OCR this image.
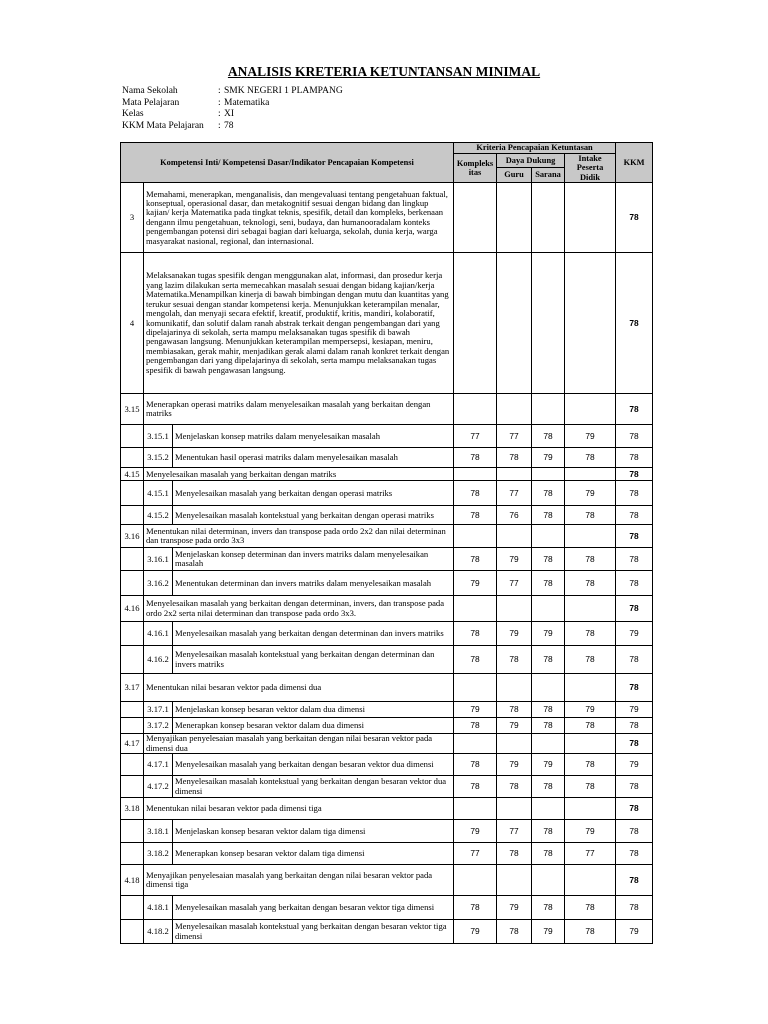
ANALISIS KRETERIA KETUNTANSAN MINIMAL
Nama Sekolah	: SMK NEGERI 1 PLAMPANG
Mata Pelajaran	: Matematika
Kelas	: XI
KKM Mata Pelajaran	: 78
Kompetensi Inti/ Kompetensi Dasar/Indikator Pencapaian Kompetensi			Kriteria Pencapaian Ketuntasan				KKM
			Kompleks itas	Daya Dukung		Intake Peserta Didik	
				Guru	Sarana		
3	Memahami, menerapkan, menganalisis, dan mengevaluasi tentang pengetahuan faktual, konseptual, operasional dasar, dan metakognitif sesuai dengan bidang dan lingkup kajian/ kerja Matematika pada tingkat teknis, spesifik, detail dan kompleks, berkenaan dengann ilmu pengetahuan, teknologi, seni, budaya, dan humanooradalam konteks pengembangan potensi diri sebagai bagian dari keluarga, sekolah, dunia kerja, warga masyarakat nasional, regional, dan internasional.						78
4	Melaksanakan tugas spesifik dengan menggunakan alat, informasi, dan prosedur kerja yang lazim dilakukan serta memecahkan masalah sesuai dengan bidang kajian/kerja Matematika.Menampilkan kinerja di bawah bimbingan dengan mutu dan kuantitas yang terukur sesuai dengan standar kompetensi kerja. Menunjukkan keterampilan menalar, mengolah, dan menyaji secara efektif, kreatif, produktif, kritis, mandiri, kolaboratif, komunikatif, dan solutif dalam ranah abstrak terkait dengan pengembangan dari yang dipelajarinya di sekolah, serta mampu melaksanakan tugas spesifik di bawah pengawasan langsung. Menunjukkan keterampilan mempersepsi, kesiapan, meniru, membiasakan, gerak mahir, menjadikan gerak alami dalam ranah konkret terkait dengan pengembangan dari yang dipelajarinya di sekolah, serta mampu melaksanakan tugas spesifik di bawah pengawasan langsung.						78
3.15	Menerapkan operasi matriks dalam menyelesaikan masalah yang berkaitan dengan matriks						78
	3.15.1	Menjelaskan konsep matriks dalam menyelesaikan masalah	77	77	78	79	78
	3.15.2	Menentukan hasil operasi matriks dalam menyelesaikan masalah	78	78	79	78	78
4.15	Menyelesaikan masalah yang berkaitan dengan matriks						78
	4.15.1	Menyelesaikan masalah yang berkaitan dengan operasi matriks	78	77	78	79	78
	4.15.2	Menyelesaikan masalah kontekstual yang berkaitan dengan operasi matriks	78	76	78	78	78
3.16	Menentukan nilai determinan, invers dan transpose pada ordo 2x2 dan nilai determinan dan transpose pada ordo 3x3						78
	3.16.1	Menjelaskan konsep determinan dan invers matriks dalam menyelesaikan masalah	78	79	78	78	78
	3.16.2	Menentukan determinan dan invers matriks dalam menyelesaikan masalah	79	77	78	78	78
4.16	Menyelesaikan masalah yang berkaitan dengan determinan, invers, dan transpose pada ordo 2x2 serta nilai determinan dan transpose pada ordo 3x3.						78
	4.16.1	Menyelesaikan masalah yang berkaitan dengan determinan dan invers matriks	78	79	79	78	79
	4.16.2	Menyelesaikan masalah kontekstual yang berkaitan dengan determinan dan invers matriks	78	78	78	78	78
3.17	Menentukan nilai besaran vektor pada dimensi dua						78
	3.17.1	Menjelaskan konsep besaran vektor dalam dua dimensi	79	78	78	79	79
	3.17.2	Menerapkan konsep besaran vektor dalam dua dimensi	78	79	78	78	78
4.17	Menyajikan penyelesaian masalah yang berkaitan dengan nilai besaran vektor pada dimensi dua						78
	4.17.1	Menyelesaikan masalah yang berkaitan dengan besaran vektor dua dimensi	78	79	79	78	79
	4.17.2	Menyelesaikan masalah kontekstual yang berkaitan dengan besaran vektor dua dimensi	78	78	78	78	78
3.18	Menentukan nilai besaran vektor pada dimensi tiga						78
	3.18.1	Menjelaskan konsep besaran vektor dalam tiga dimensi	79	77	78	79	78
	3.18.2	Menerapkan konsep besaran vektor dalam tiga dimensi	77	78	78	77	78
4.18	Menyajikan penyelesaian masalah yang berkaitan dengan nilai besaran vektor pada dimensi tiga						78
	4.18.1	Menyelesaikan masalah yang berkaitan dengan besaran vektor tiga dimensi	78	79	78	78	78
	4.18.2	Menyelesaikan masalah kontekstual yang berkaitan dengan besaran vektor tiga dimensi	79	78	79	78	79
